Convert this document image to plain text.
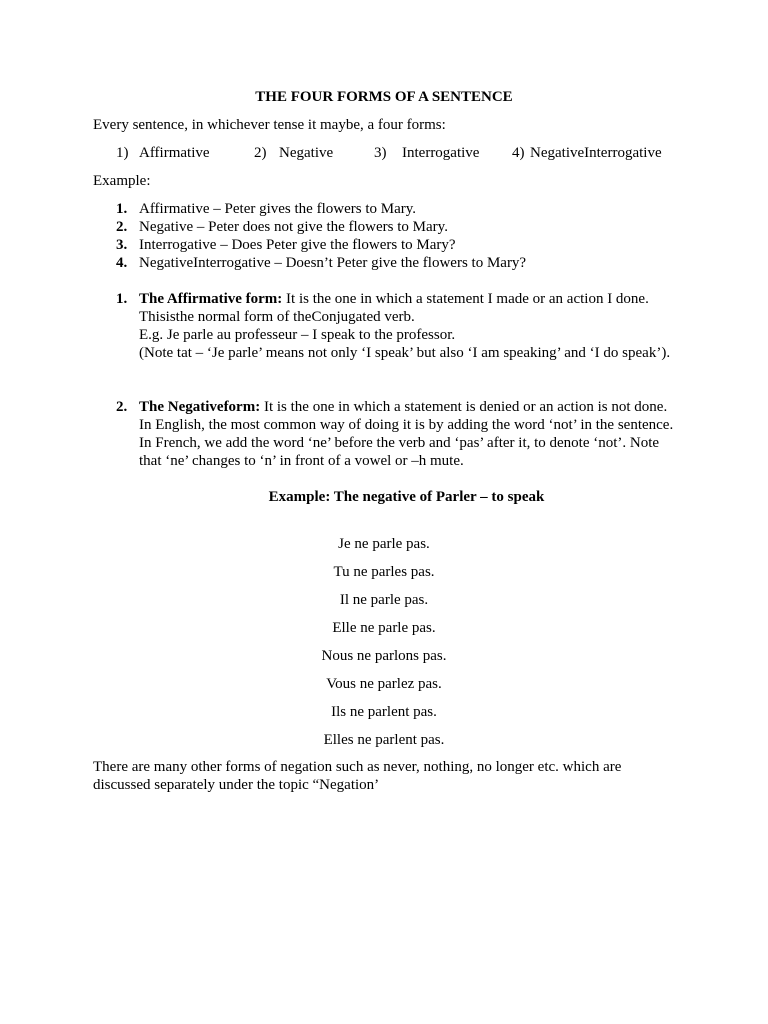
THE FOUR FORMS OF A SENTENCE
Every sentence, in whichever tense it maybe, a four forms:
1) Affirmative	2) Negative	3) Interrogative 4) NegativeInterrogative
Example:
1. Affirmative – Peter gives the flowers to Mary.
2. Negative – Peter does not give the flowers to Mary.
3. Interrogative – Does Peter give the flowers to Mary?
4. NegativeInterrogative – Doesn’t Peter give the flowers to Mary?
1. The Affirmative form: It is the one in which a statement I made or an action I done. Thisisthe normal form of theConjugated verb.
E.g. Je parle au professeur – I speak to the professor.
(Note tat – ‘Je parle’ means not only ‘I speak’ but also ‘I am speaking’ and ‘I do speak’).
2. The Negativeform: It is the one in which a statement is denied or an action is not done. In English, the most common way of doing it is by adding the word ‘not’ in the sentence. In French, we add the word ‘ne’ before the verb and ‘pas’ after it, to denote ‘not’. Note that ‘ne’ changes to ‘n’ in front of a vowel or –h mute.
Example: The negative of Parler – to speak
Je ne parle pas.
Tu ne parles pas.
Il ne parle pas.
Elle ne parle pas.
Nous ne parlons pas.
Vous ne parlez pas.
Ils ne parlent pas.
Elles ne parlent pas.
There are many other forms of negation such as never, nothing, no longer etc. which are discussed separately under the topic “Negation’
